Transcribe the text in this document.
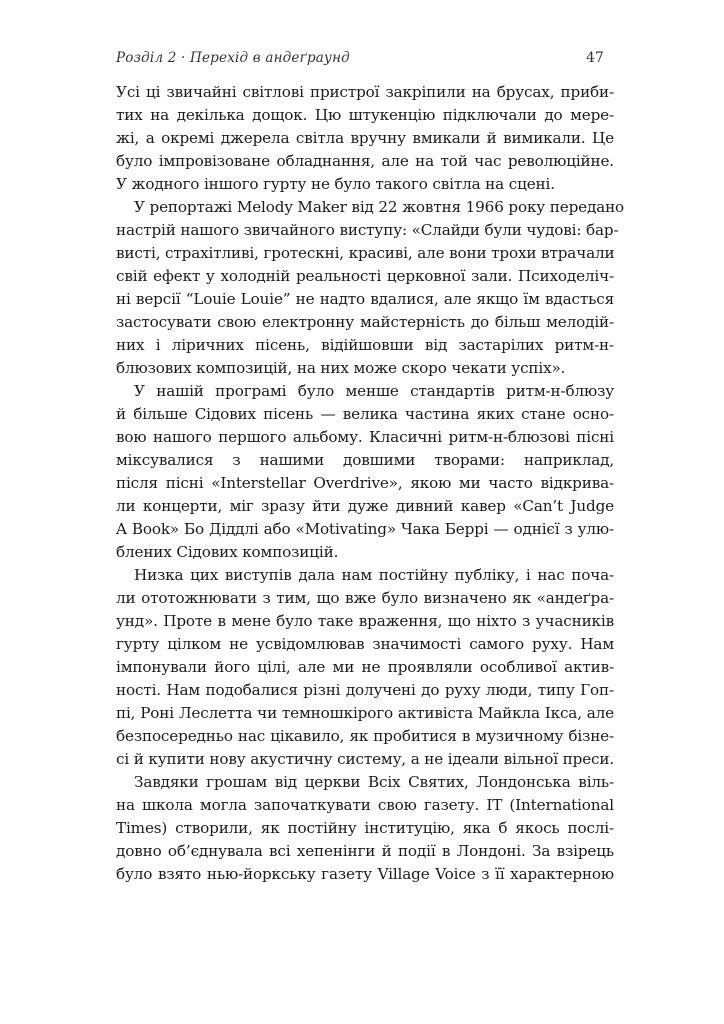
Розділ 2 · Перехід в андеґраунд	47

Усі ці звичайні світлові пристрої закріпили на брусах, приби-
тих на декілька дощок. Цю штукенцію підключали до мере-
жі, а окремі джерела світла вручну вмикали й вимикали. Це
було імпровізоване обладнання, але на той час революційне.
У жодного іншого гурту не було такого світла на сцені.

У репортажі Melody Maker від 22 жовтня 1966 року передано
настрій нашого звичайного виступу: «Слайди були чудові: бар-
висті, страхітливі, гротескні, красиві, але вони трохи втрачали
свій ефект у холодній реальності церковної зали. Психоделіч-
ні версії “Louie Louie” не надто вдалися, але якщо їм вдасться
застосувати свою електронну майстерність до більш мелодій-
них і ліричних пісень, відійшовши від застарілих ритм-н-
блюзових композицій, на них може скоро чекати успіх».

У нашій програмі було менше стандартів ритм-н-блюзу
й більше Сідових пісень — велика частина яких стане осно-
вою нашого першого альбому. Класичні ритм-н-блюзові пісні
міксувалися з нашими довшими творами: наприклад,
після пісні «Interstellar Overdrive», якою ми часто відкрива-
ли концерти, міг зразу йти дуже дивний кавер «Can’t Judge
A Book» Бо Діддлі або «Motivating» Чака Беррі — однієї з улю-
блених Сідових композицій.

Низка цих виступів дала нам постійну публіку, і нас поча-
ли ототожнювати з тим, що вже було визначено як «андеґра-
унд». Проте в мене було таке враження, що ніхто з учасників
гурту цілком не усвідомлював значимості самого руху. Нам
імпонували його цілі, але ми не проявляли особливої актив-
ності. Нам подобалися різні долучені до руху люди, типу Гоп-
пі, Роні Леслетта чи темношкірого активіста Майкла Ікса, але
безпосередньо нас цікавило, як пробитися в музичному бізне-
сі й купити нову акустичну систему, а не ідеали вільної преси.

Завдяки грошам від церкви Всіх Святих, Лондонська віль-
на школа могла започаткувати свою газету. IT (International
Times) створили, як постійну інституцію, яка б якось послі-
довно об’єднувала всі хепенінги й події в Лондоні. За взірець
було взято нью-йоркську газету Village Voice з її характерною
